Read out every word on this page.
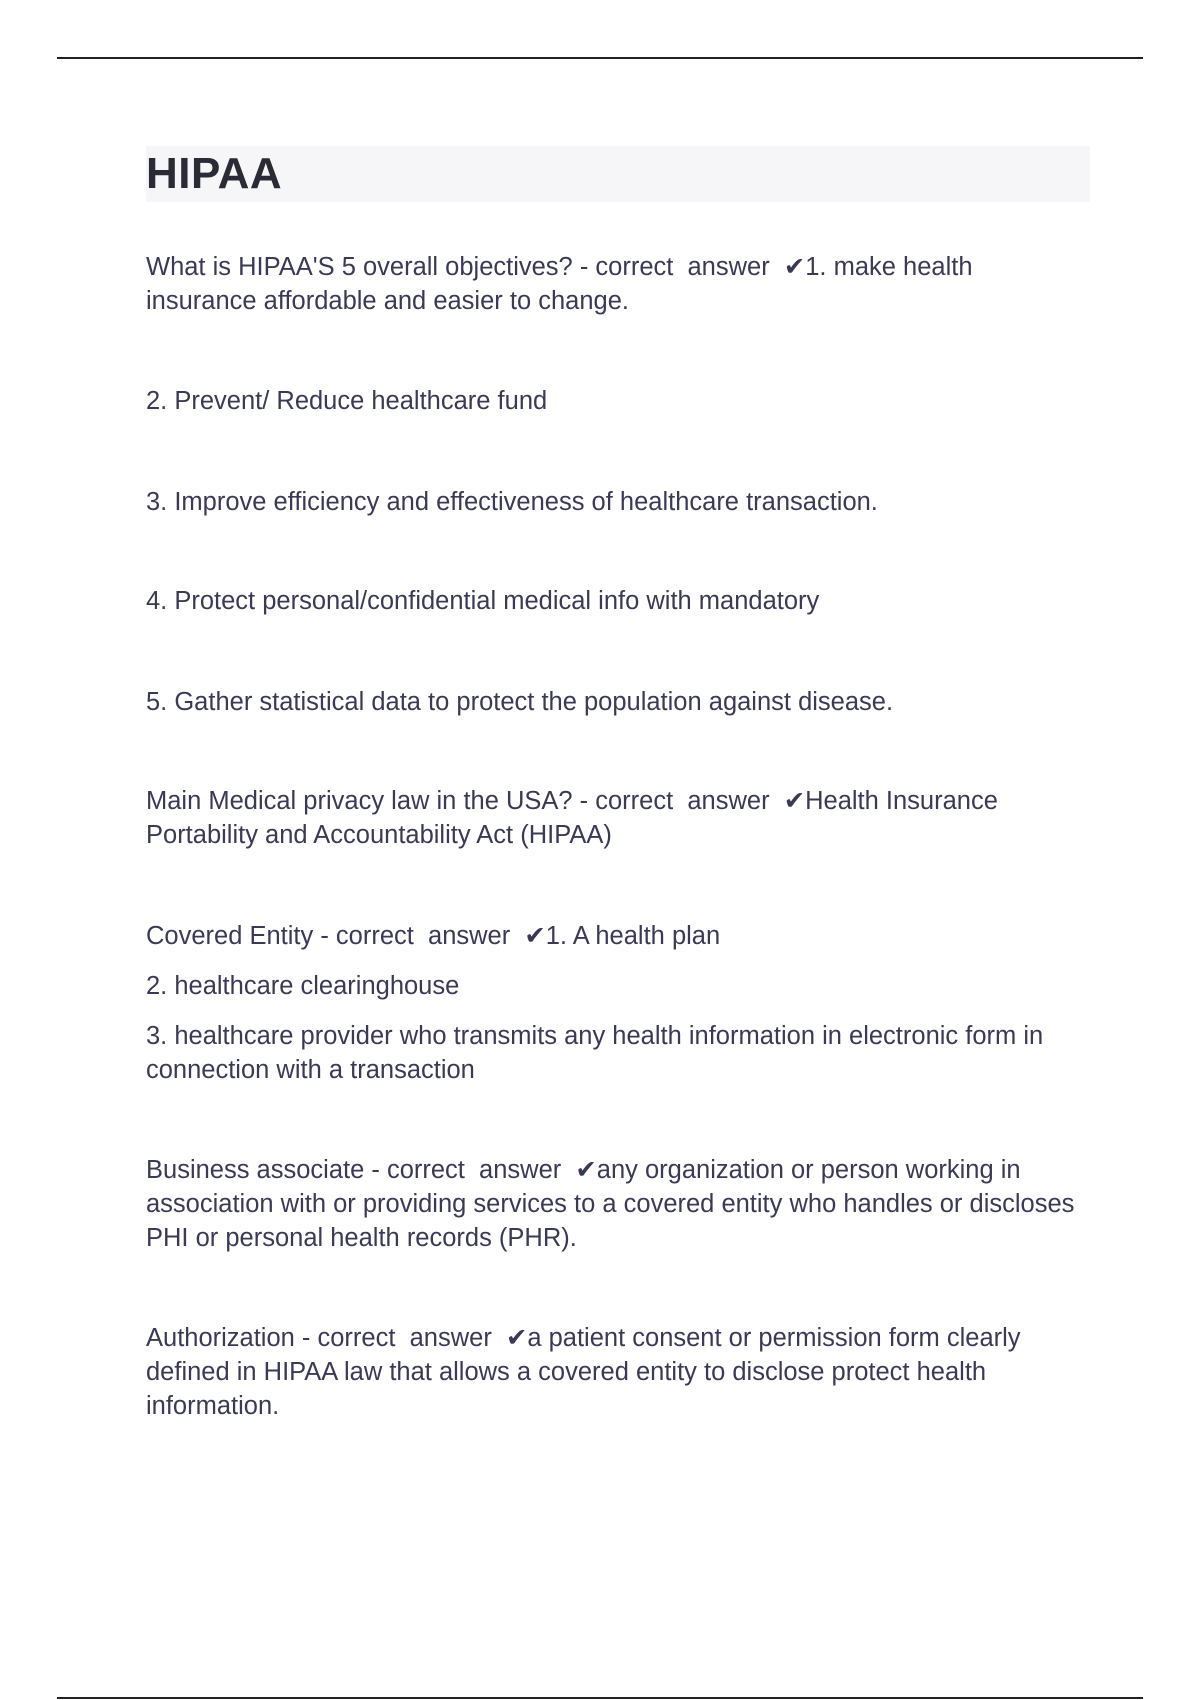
HIPAA

What is HIPAA'S 5 overall objectives? - correct  answer  ✔1. make health insurance affordable and easier to change.

2. Prevent/ Reduce healthcare fund

3. Improve efficiency and effectiveness of healthcare transaction.

4. Protect personal/confidential medical info with mandatory

5. Gather statistical data to protect the population against disease.

Main Medical privacy law in the USA? - correct  answer  ✔Health Insurance Portability and Accountability Act (HIPAA)

Covered Entity - correct  answer  ✔1. A health plan

2. healthcare clearinghouse

3. healthcare provider who transmits any health information in electronic form in connection with a transaction

Business associate - correct  answer  ✔any organization or person working in association with or providing services to a covered entity who handles or discloses PHI or personal health records (PHR).

Authorization - correct  answer  ✔a patient consent or permission form clearly defined in HIPAA law that allows a covered entity to disclose protect health information.
